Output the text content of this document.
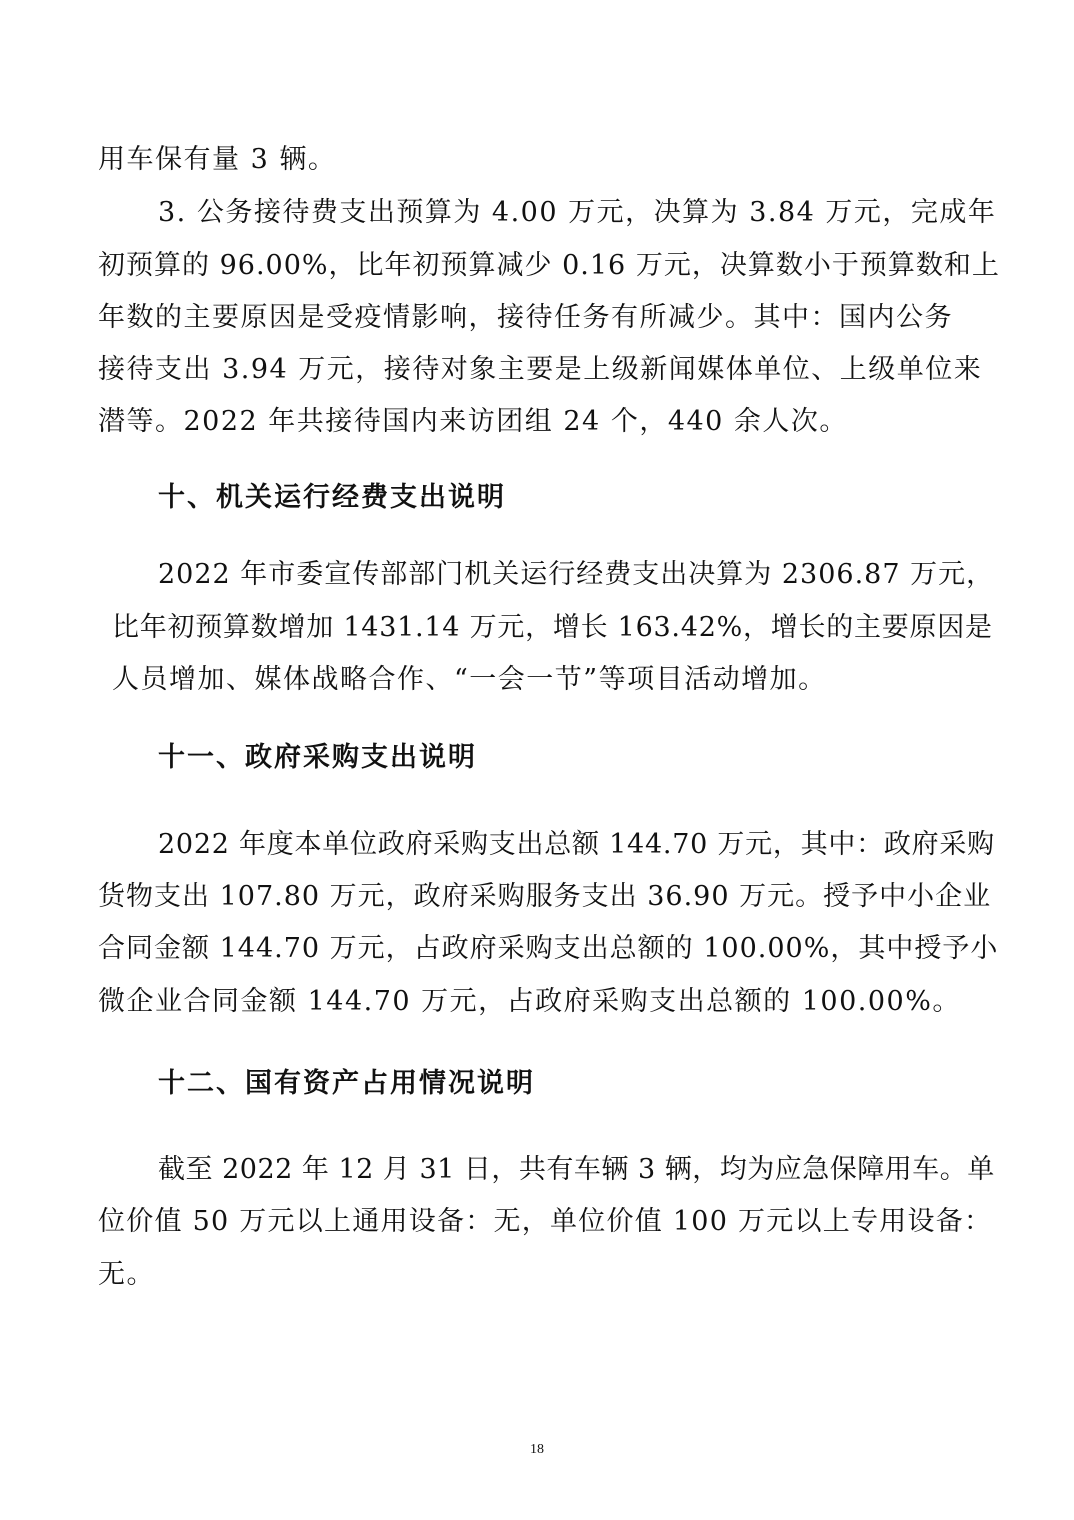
用车保有量 3 辆。
3. 公务接待费支出预算为 4.00 万元，决算为 3.84 万元，完成年
初预算的 96.00%，比年初预算减少 0.16 万元，决算数小于预算数和上
年数的主要原因是受疫情影响，接待任务有所减少。其中：国内公务
接待支出 3.94 万元，接待对象主要是上级新闻媒体单位、上级单位来
潜等。2022 年共接待国内来访团组 24 个，440 余人次。
十、机关运行经费支出说明
2022 年市委宣传部部门机关运行经费支出决算为 2306.87 万元，
比年初预算数增加 1431.14 万元，增长 163.42%，增长的主要原因是
人员增加、媒体战略合作、“一会一节”等项目活动增加。
十一、政府采购支出说明
2022 年度本单位政府采购支出总额 144.70 万元，其中：政府采购
货物支出 107.80 万元，政府采购服务支出 36.90 万元。授予中小企业
合同金额 144.70 万元，占政府采购支出总额的 100.00%，其中授予小
微企业合同金额 144.70 万元，占政府采购支出总额的 100.00%。
十二、国有资产占用情况说明
截至 2022 年 12 月 31 日，共有车辆 3 辆，均为应急保障用车。单
位价值 50 万元以上通用设备：无，单位价值 100 万元以上专用设备：
无。
18
